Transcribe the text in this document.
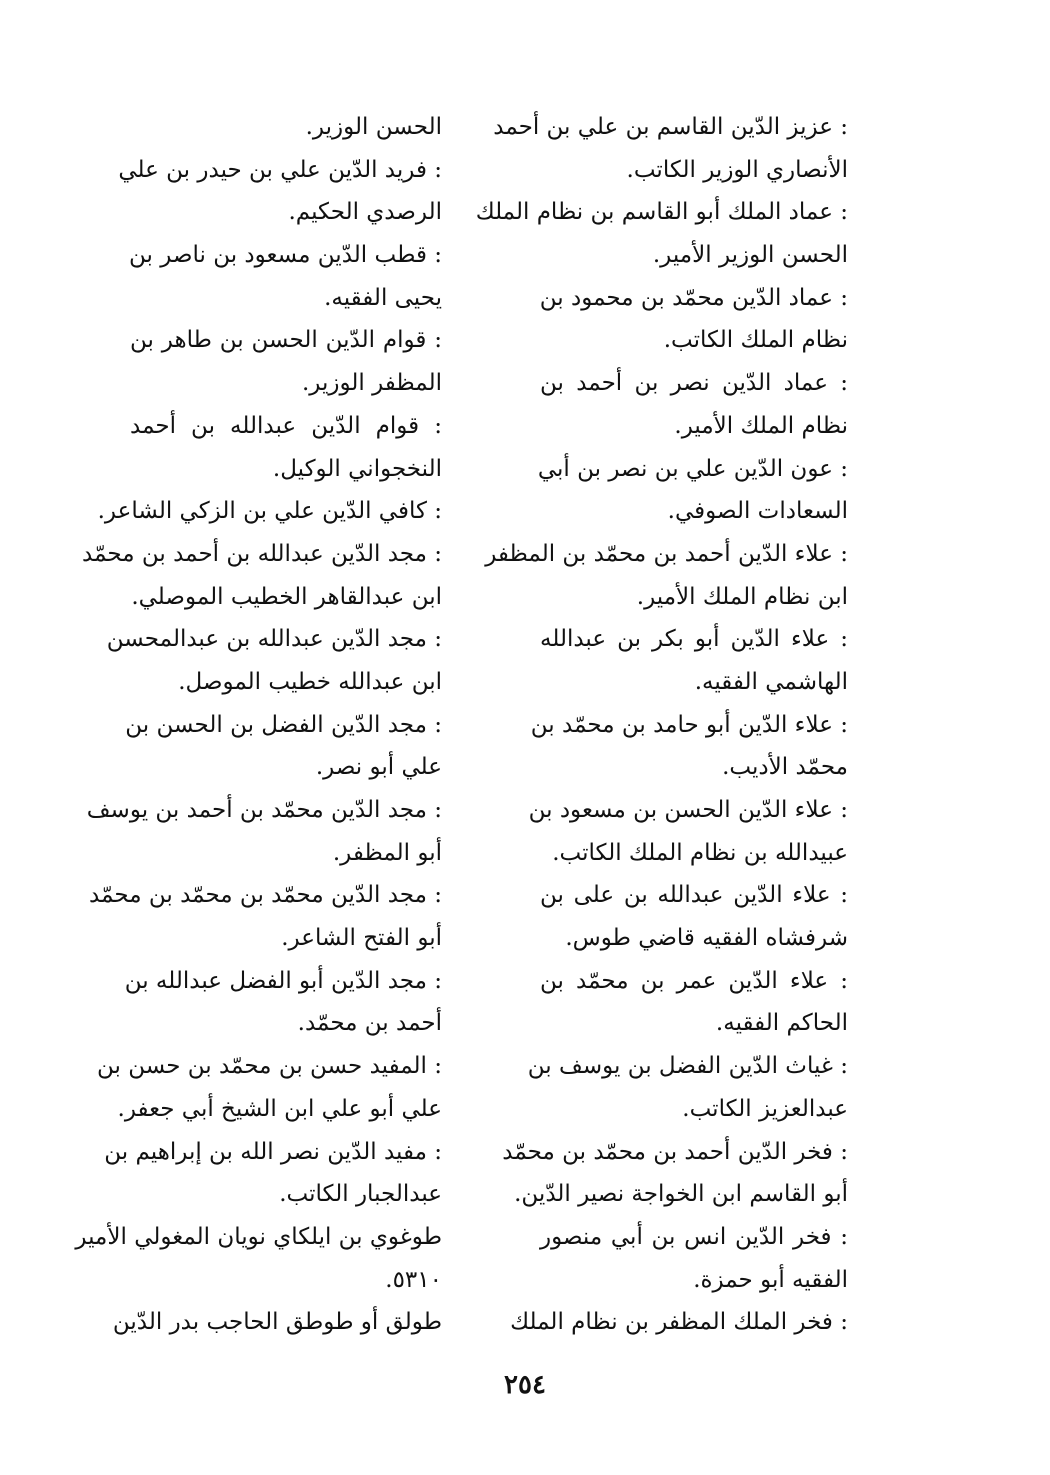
: عزيز الدّين القاسم بن علي بن أحمد
الأنصاري الوزير الكاتب.
: عماد الملك أبو القاسم بن نظام الملك
الحسن الوزير الأمير.
: عماد الدّين محمّد بن محمود بن
نظام الملك الكاتب.
: عماد الدّين نصر بن أحمد بن
نظام الملك الأمير.
: عون الدّين علي بن نصر بن أبي
السعادات الصوفي.
: علاء الدّين أحمد بن محمّد بن المظفر
ابن نظام الملك الأمير.
: علاء الدّين أبو بكر بن عبدالله
الهاشمي الفقيه.
: علاء الدّين أبو حامد بن محمّد بن
محمّد الأديب.
: علاء الدّين الحسن بن مسعود بن
عبيدالله بن نظام الملك الكاتب.
: علاء الدّين عبدالله بن على بن
شرفشاه الفقيه قاضي طوس.
: علاء الدّين عمر بن محمّد بن
الحاكم الفقيه.
: غياث الدّين الفضل بن يوسف بن
عبدالعزيز الكاتب.
: فخر الدّين أحمد بن محمّد بن محمّد
أبو القاسم ابن الخواجة نصير الدّين.
: فخر الدّين انس بن أبي منصور
الفقيه أبو حمزة.
: فخر الملك المظفر بن نظام الملك
الحسن الوزير.
: فريد الدّين علي بن حيدر بن علي
الرصدي الحكيم.
: قطب الدّين مسعود بن ناصر بن
يحيى الفقيه.
: قوام الدّين الحسن بن طاهر بن
المظفر الوزير.
: قوام الدّين عبدالله بن أحمد
النخجواني الوكيل.
: كافي الدّين علي بن الزكي الشاعر.
: مجد الدّين عبدالله بن أحمد بن محمّد
ابن عبدالقاهر الخطيب الموصلي.
: مجد الدّين عبدالله بن عبدالمحسن
ابن عبدالله خطيب الموصل.
: مجد الدّين الفضل بن الحسن بن
علي أبو نصر.
: مجد الدّين محمّد بن أحمد بن يوسف
أبو المظفر.
: مجد الدّين محمّد بن محمّد بن محمّد
أبو الفتح الشاعر.
: مجد الدّين أبو الفضل عبدالله بن
أحمد بن محمّد.
: المفيد حسن بن محمّد بن حسن بن
علي أبو علي ابن الشيخ أبي جعفر.
: مفيد الدّين نصر الله بن إبراهيم بن
عبدالجبار الكاتب.
طوغوي بن ايلكاي نويان المغولي الأمير
٥٣١٠.
طولق أو طوطق الحاجب بدر الدّين
٢٥٤
